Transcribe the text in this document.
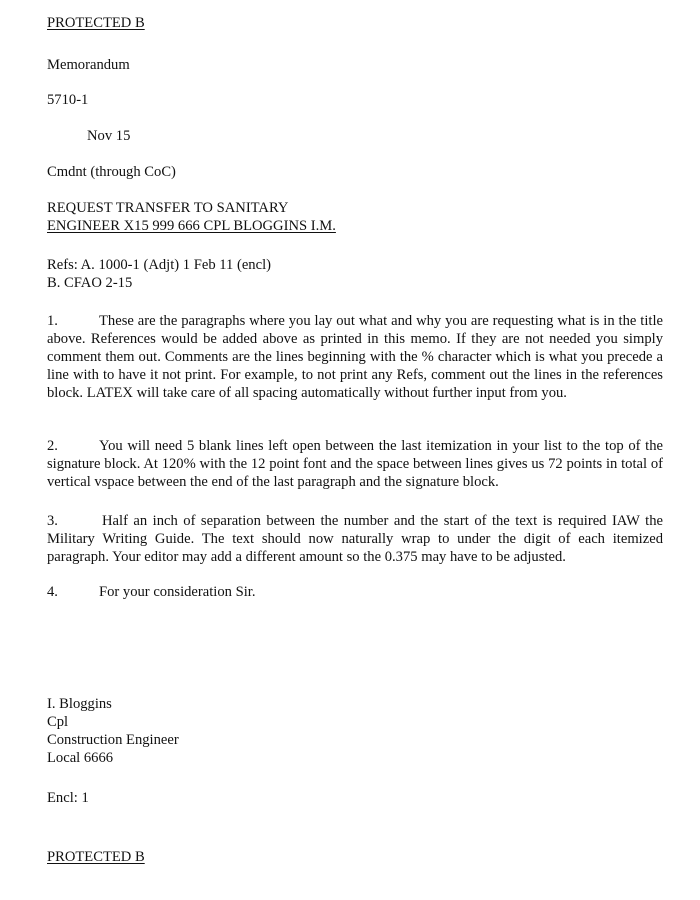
PROTECTED B
Memorandum
5710-1
Nov 15
Cmdnt (through CoC)
REQUEST TRANSFER TO SANITARY
ENGINEER X15 999 666 CPL BLOGGINS I.M.
Refs: A. 1000-1 (Adjt) 1 Feb 11 (encl)
B. CFAO 2-15
1.	These are the paragraphs where you lay out what and why you are requesting what is in the title above. References would be added above as printed in this memo. If they are not needed you simply comment them out. Comments are the lines beginning with the % character which is what you precede a line with to have it not print. For example, to not print any Refs, comment out the lines in the references block. LATEX will take care of all spacing automatically without further input from you.
2.	You will need 5 blank lines left open between the last itemization in your list to the top of the signature block. At 120% with the 12 point font and the space between lines gives us 72 points in total of vertical vspace between the end of the last paragraph and the signature block.
3.	Half an inch of separation between the number and the start of the text is required IAW the Military Writing Guide. The text should now naturally wrap to under the digit of each itemized paragraph. Your editor may add a different amount so the 0.375 may have to be adjusted.
4.	For your consideration Sir.
I. Bloggins
Cpl
Construction Engineer
Local 6666
Encl: 1
PROTECTED B
